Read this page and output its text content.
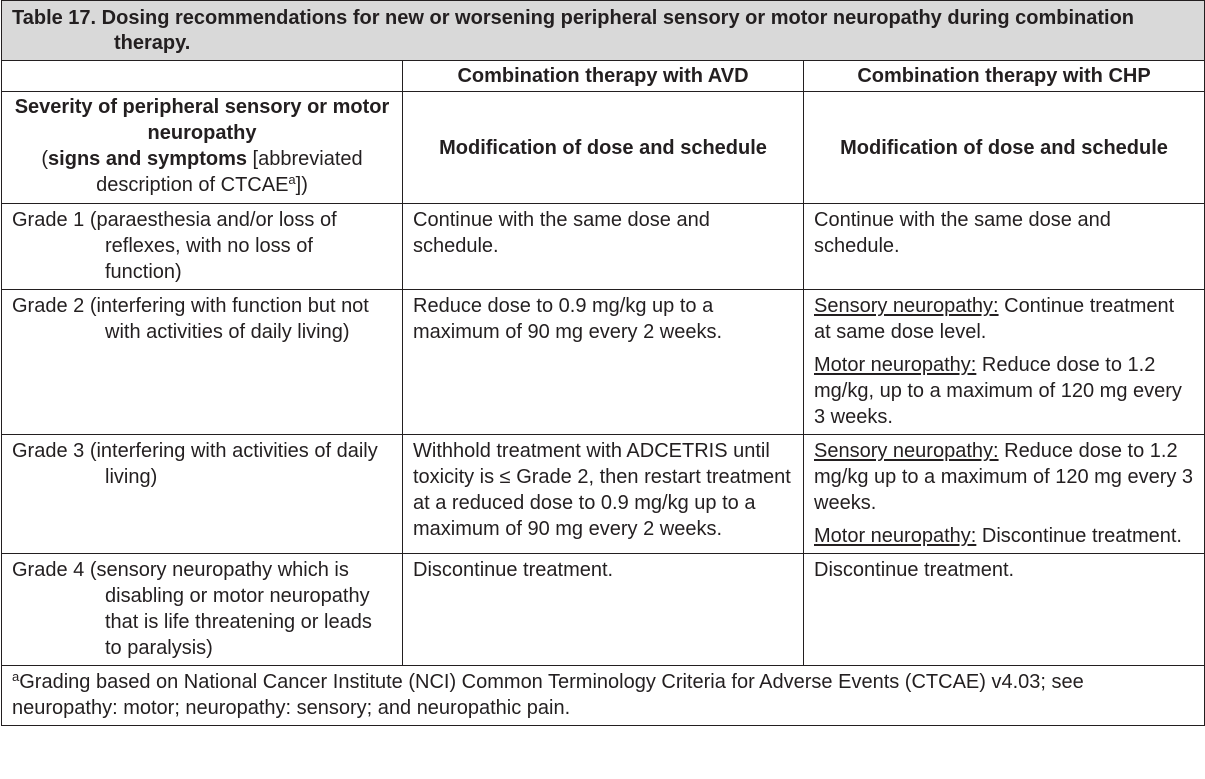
Table 17. Dosing recommendations for new or worsening peripheral sensory or motor neuropathy during combination therapy.		

	Combination therapy with AVD	Combination therapy with CHP

Severity of peripheral sensory or motor neuropathy
(signs and symptoms [abbreviated description of CTCAE$^a$])	Modification of dose and schedule	Modification of dose and schedule

Grade 1 (paraesthesia and/or loss of reflexes, with no loss of function)	Continue with the same dose and schedule.	Continue with the same dose and schedule.

Grade 2 (interfering with function but not with activities of daily living)	Reduce dose to 0.9 mg/kg up to a maximum of 90 mg every 2 weeks.	Sensory neuropathy: Continue treatment at same dose level.

Motor neuropathy: Reduce dose to 1.2 mg/kg, up to a maximum of 120 mg every 3 weeks.

Grade 3 (interfering with activities of daily living)	Withhold treatment with ADCETRIS until toxicity is ≤ Grade 2, then restart treatment at a reduced dose to 0.9 mg/kg up to a maximum of 90 mg every 2 weeks.	Sensory neuropathy: Reduce dose to 1.2 mg/kg up to a maximum of 120 mg every 3 weeks.

Motor neuropathy: Discontinue treatment.

Grade 4 (sensory neuropathy which is disabling or motor neuropathy that is life threatening or leads to paralysis)	Discontinue treatment.	Discontinue treatment.

$^a$Grading based on National Cancer Institute (NCI) Common Terminology Criteria for Adverse Events (CTCAE) v4.03; see neuropathy: motor; neuropathy: sensory; and neuropathic pain.		
